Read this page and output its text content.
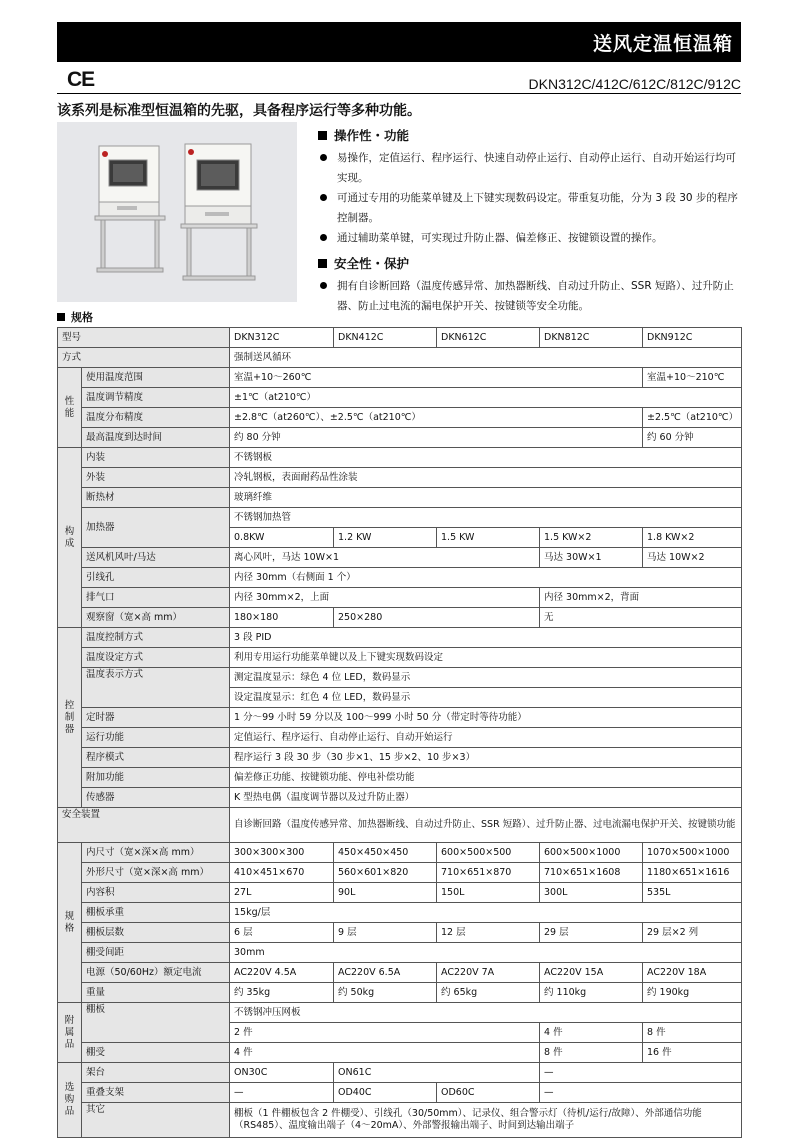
送风定温恒温箱
CE	DKN312C/412C/612C/812C/912C
该系列是标准型恒温箱的先驱，具备程序运行等多种功能。
操作性・功能
易操作，定值运行、程序运行、快速自动停止运行、自动停止运行、自动开始运行均可实现。
可通过专用的功能菜单键及上下键实现数码设定。带重复功能，分为 3 段 30 步的程序控制器。
通过辅助菜单键，可实现过升防止器、偏差修正、按键锁设置的操作。
安全性・保护
拥有自诊断回路（温度传感异常、加热器断线、自动过升防止、SSR 短路）、过升防止器、防止过电流的漏电保护开关、按键锁等安全功能。
规格
型号		DKN312C	DKN412C	DKN612C	DKN812C	DKN912C
方式		强制送风循环				
性能	使用温度范围	室温+10～260℃				室温+10～210℃
	温度调节精度	±1℃（at210℃）				
	温度分布精度	±2.8℃（at260℃）、±2.5℃（at210℃）				±2.5℃（at210℃）
	最高温度到达时间	约 80 分钟				约 60 分钟
构成	内装	不锈钢板				
	外装	冷轧钢板，表面耐药品性涂装				
	断热材	玻璃纤维				
	加热器	不锈钢加热管				
		0.8KW	1.2 KW	1.5 KW	1.5 KW×2	1.8 KW×2
	送风机风叶/马达	离心风叶，马达 10W×1			马达 30W×1	马达 10W×2
	引线孔	内径 30mm（右侧面 1 个）				
	排气口	内径 30mm×2，上面			内径 30mm×2，背面	
	观察窗（宽×高 mm）	180×180	250×280		无	
控制器	温度控制方式	3 段 PID				
	温度设定方式	利用专用运行功能菜单键以及上下键实现数码设定				
	温度表示方式	测定温度显示：绿色 4 位 LED，数码显示				
		设定温度显示：红色 4 位 LED，数码显示				
	定时器	1 分～99 小时 59 分以及 100～999 小时 50 分（带定时等待功能）				
	运行功能	定值运行、程序运行、自动停止运行、自动开始运行				
	程序模式	程序运行 3 段 30 步（30 步×1、15 步×2、10 步×3）				
	附加功能	偏差修正功能、按键锁功能、停电补偿功能				
	传感器	K 型热电偶（温度调节器以及过升防止器）				
安全装置		自诊断回路（温度传感异常、加热器断线、自动过升防止、SSR 短路）、过升防止器、过电流漏电保护开关、按键锁功能				
规格	内尺寸（宽×深×高 mm）	300×300×300	450×450×450	600×500×500	600×500×1000	1070×500×1000
	外形尺寸（宽×深×高 mm）	410×451×670	560×601×820	710×651×870	710×651×1608	1180×651×1616
	内容积	27L	90L	150L	300L	535L
	棚板承重	15kg/层				
	棚板层数	6 层	9 层	12 层	29 层	29 层×2 列
	棚受间距	30mm				
	电源（50/60Hz）额定电流	AC220V 4.5A	AC220V 6.5A	AC220V 7A	AC220V 15A	AC220V 18A
	重量	约 35kg	约 50kg	约 65kg	约 110kg	约 190kg
附属品	棚板	不锈钢冲压网板				
		2 件			4 件	8 件
	棚受	4 件			8 件	16 件
选购品	架台	ON30C	ON61C		—	
	重叠支架	—	OD40C	OD60C	—	
	其它	棚板（1 件棚板包含 2 件棚受）、引线孔（30/50mm）、记录仪、组合警示灯（待机/运行/故障）、外部通信功能（RS485）、温度输出端子（4～20mA）、外部警报输出端子、时间到达输出端子				
